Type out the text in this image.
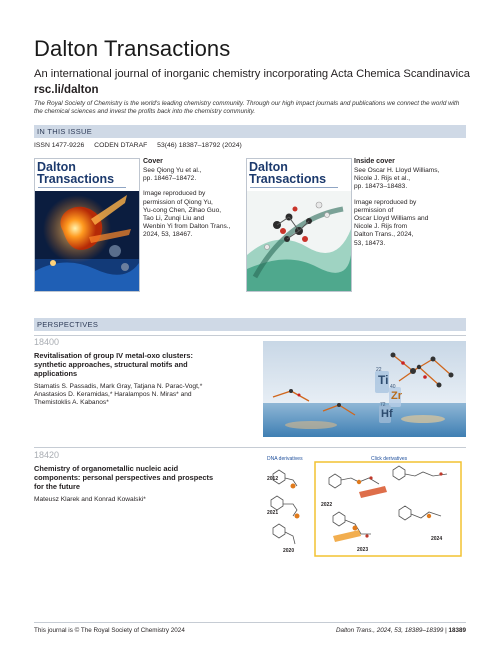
Dalton Transactions
An international journal of inorganic chemistry incorporating Acta Chemica Scandinavica
rsc.li/dalton
The Royal Society of Chemistry is the world's leading chemistry community. Through our high impact journals and publications we connect the world with the chemical sciences and invest the profits back into the chemistry community.
IN THIS ISSUE
ISSN 1477-9226 CODEN DTARAF 53(46) 18387–18792 (2024)
Dalton Transactions
Cover

See Qiong Yu et al.,
pp. 18467–18472.

Image reproduced by
permission of Qiong Yu,
Yu-cong Chen, Zihao Guo,
Tao Li, Zunqi Liu and
Wenbin Yi from Dalton Trans.,
2024, 53, 18467.

Dalton Transactions
Inside cover

See Oscar H. Lloyd Williams,
Nicole J. Rijs et al.,
pp. 18473–18483.

Image reproduced by
permission of
Oscar Lloyd Williams and
Nicole J. Rijs from
Dalton Trans., 2024,
53, 18473.

PERSPECTIVES
18400
Revitalisation of group IV metal-oxo clusters:
synthetic approaches, structural motifs and
applications
Stamatis S. Passadis, Mark Gray, Tatjana N. Parac-Vogt,*
Anastasios D. Keramidas,* Haralampos N. Miras* and
Themistoklis A. Kabanos*
22
Ti 40
Zr
72
Hf
18420
Chemistry of organometallic nucleic acid
components: personal perspectives and prospects
for the future
Mateusz Klarek and Konrad Kowalski*
DNA derivatives	Click derivatives
2012
2021
2020
2022
2023
2024
This journal is © The Royal Society of Chemistry 2024	Dalton Trans., 2024, 53, 18389–18399 | 18389
